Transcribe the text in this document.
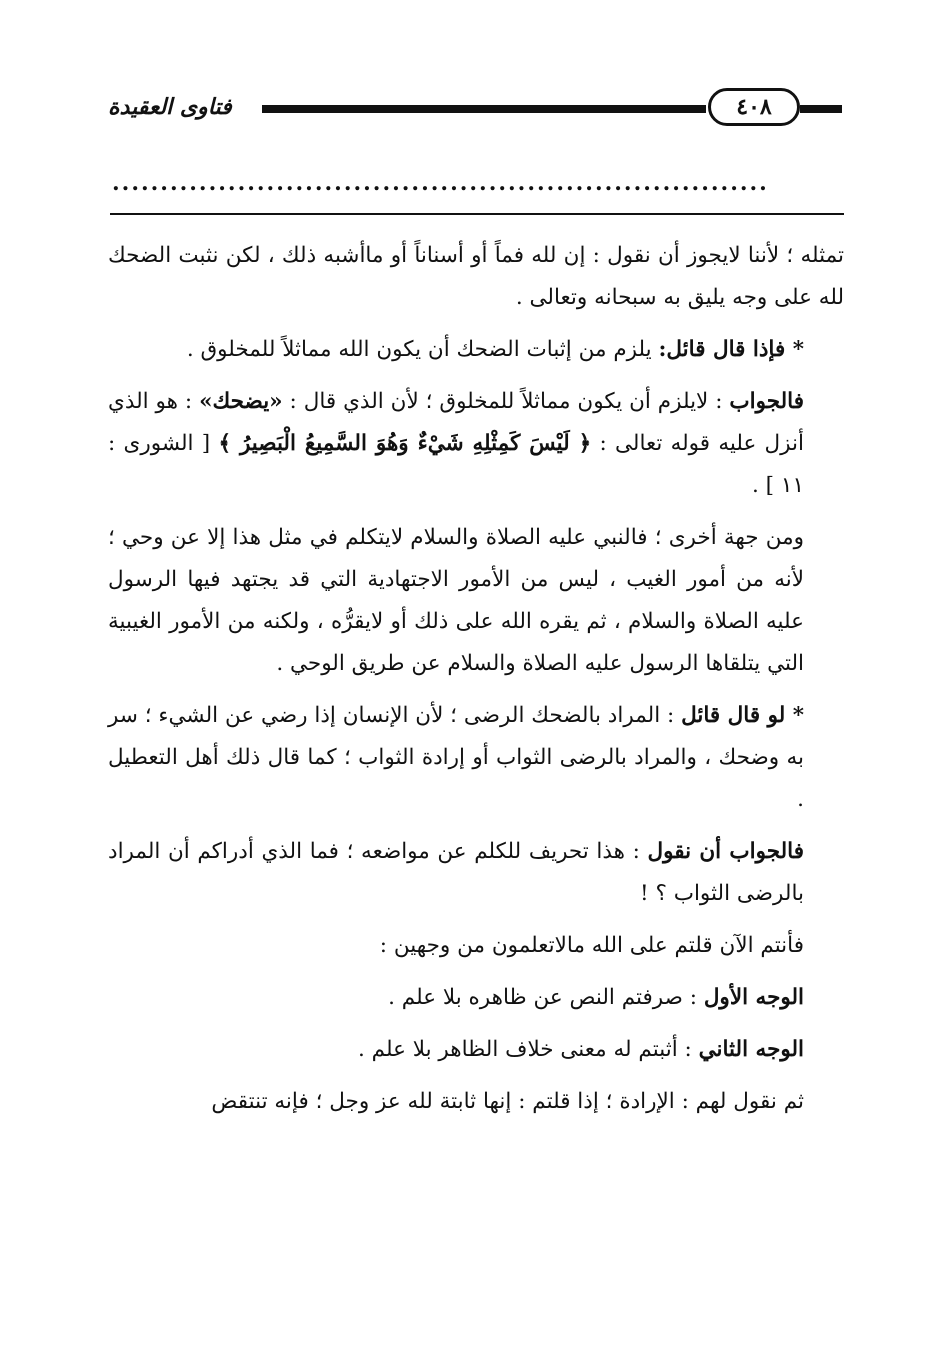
فتاوى العقيدة	٤٠٨
....................................................................

تمثله ؛ لأننا لايجوز أن نقول : إن لله فماً أو أسناناً أو ماأشبه ذلك ، لكن نثبت الضحك لله على وجه يليق به سبحانه وتعالى .

* فإذا قال قائل: يلزم من إثبات الضحك أن يكون الله مماثلاً للمخلوق .

فالجواب : لايلزم أن يكون مماثلاً للمخلوق ؛ لأن الذي قال : «يضحك» : هو الذي أنزل عليه قوله تعالى : ﴿ لَيْسَ كَمِثْلِهِ شَيْءٌ وَهُوَ السَّمِيعُ الْبَصِيرُ ﴾ [ الشورى : ١١ ] .

ومن جهة أخرى ؛ فالنبي عليه الصلاة والسلام لايتكلم في مثل هذا إلا عن وحي ؛ لأنه من أمور الغيب ، ليس من الأمور الاجتهادية التي قد يجتهد فيها الرسول عليه الصلاة والسلام ، ثم يقره الله على ذلك أو لايقرُّه ، ولكنه من الأمور الغيبية التي يتلقاها الرسول عليه الصلاة والسلام عن طريق الوحي .

* لو قال قائل : المراد بالضحك الرضى ؛ لأن الإنسان إذا رضي عن الشيء ؛ سر به وضحك ، والمراد بالرضى الثواب أو إرادة الثواب ؛ كما قال ذلك أهل التعطيل .

فالجواب أن نقول : هذا تحريف للكلم عن مواضعه ؛ فما الذي أدراكم أن المراد بالرضى الثواب ؟ !

فأنتم الآن قلتم على الله مالاتعلمون من وجهين :

الوجه الأول : صرفتم النص عن ظاهره بلا علم .

الوجه الثاني : أثبتم له معنى خلاف الظاهر بلا علم .

ثم نقول لهم : الإرادة ؛ إذا قلتم : إنها ثابتة لله عز وجل ؛ فإنه تنتقض
